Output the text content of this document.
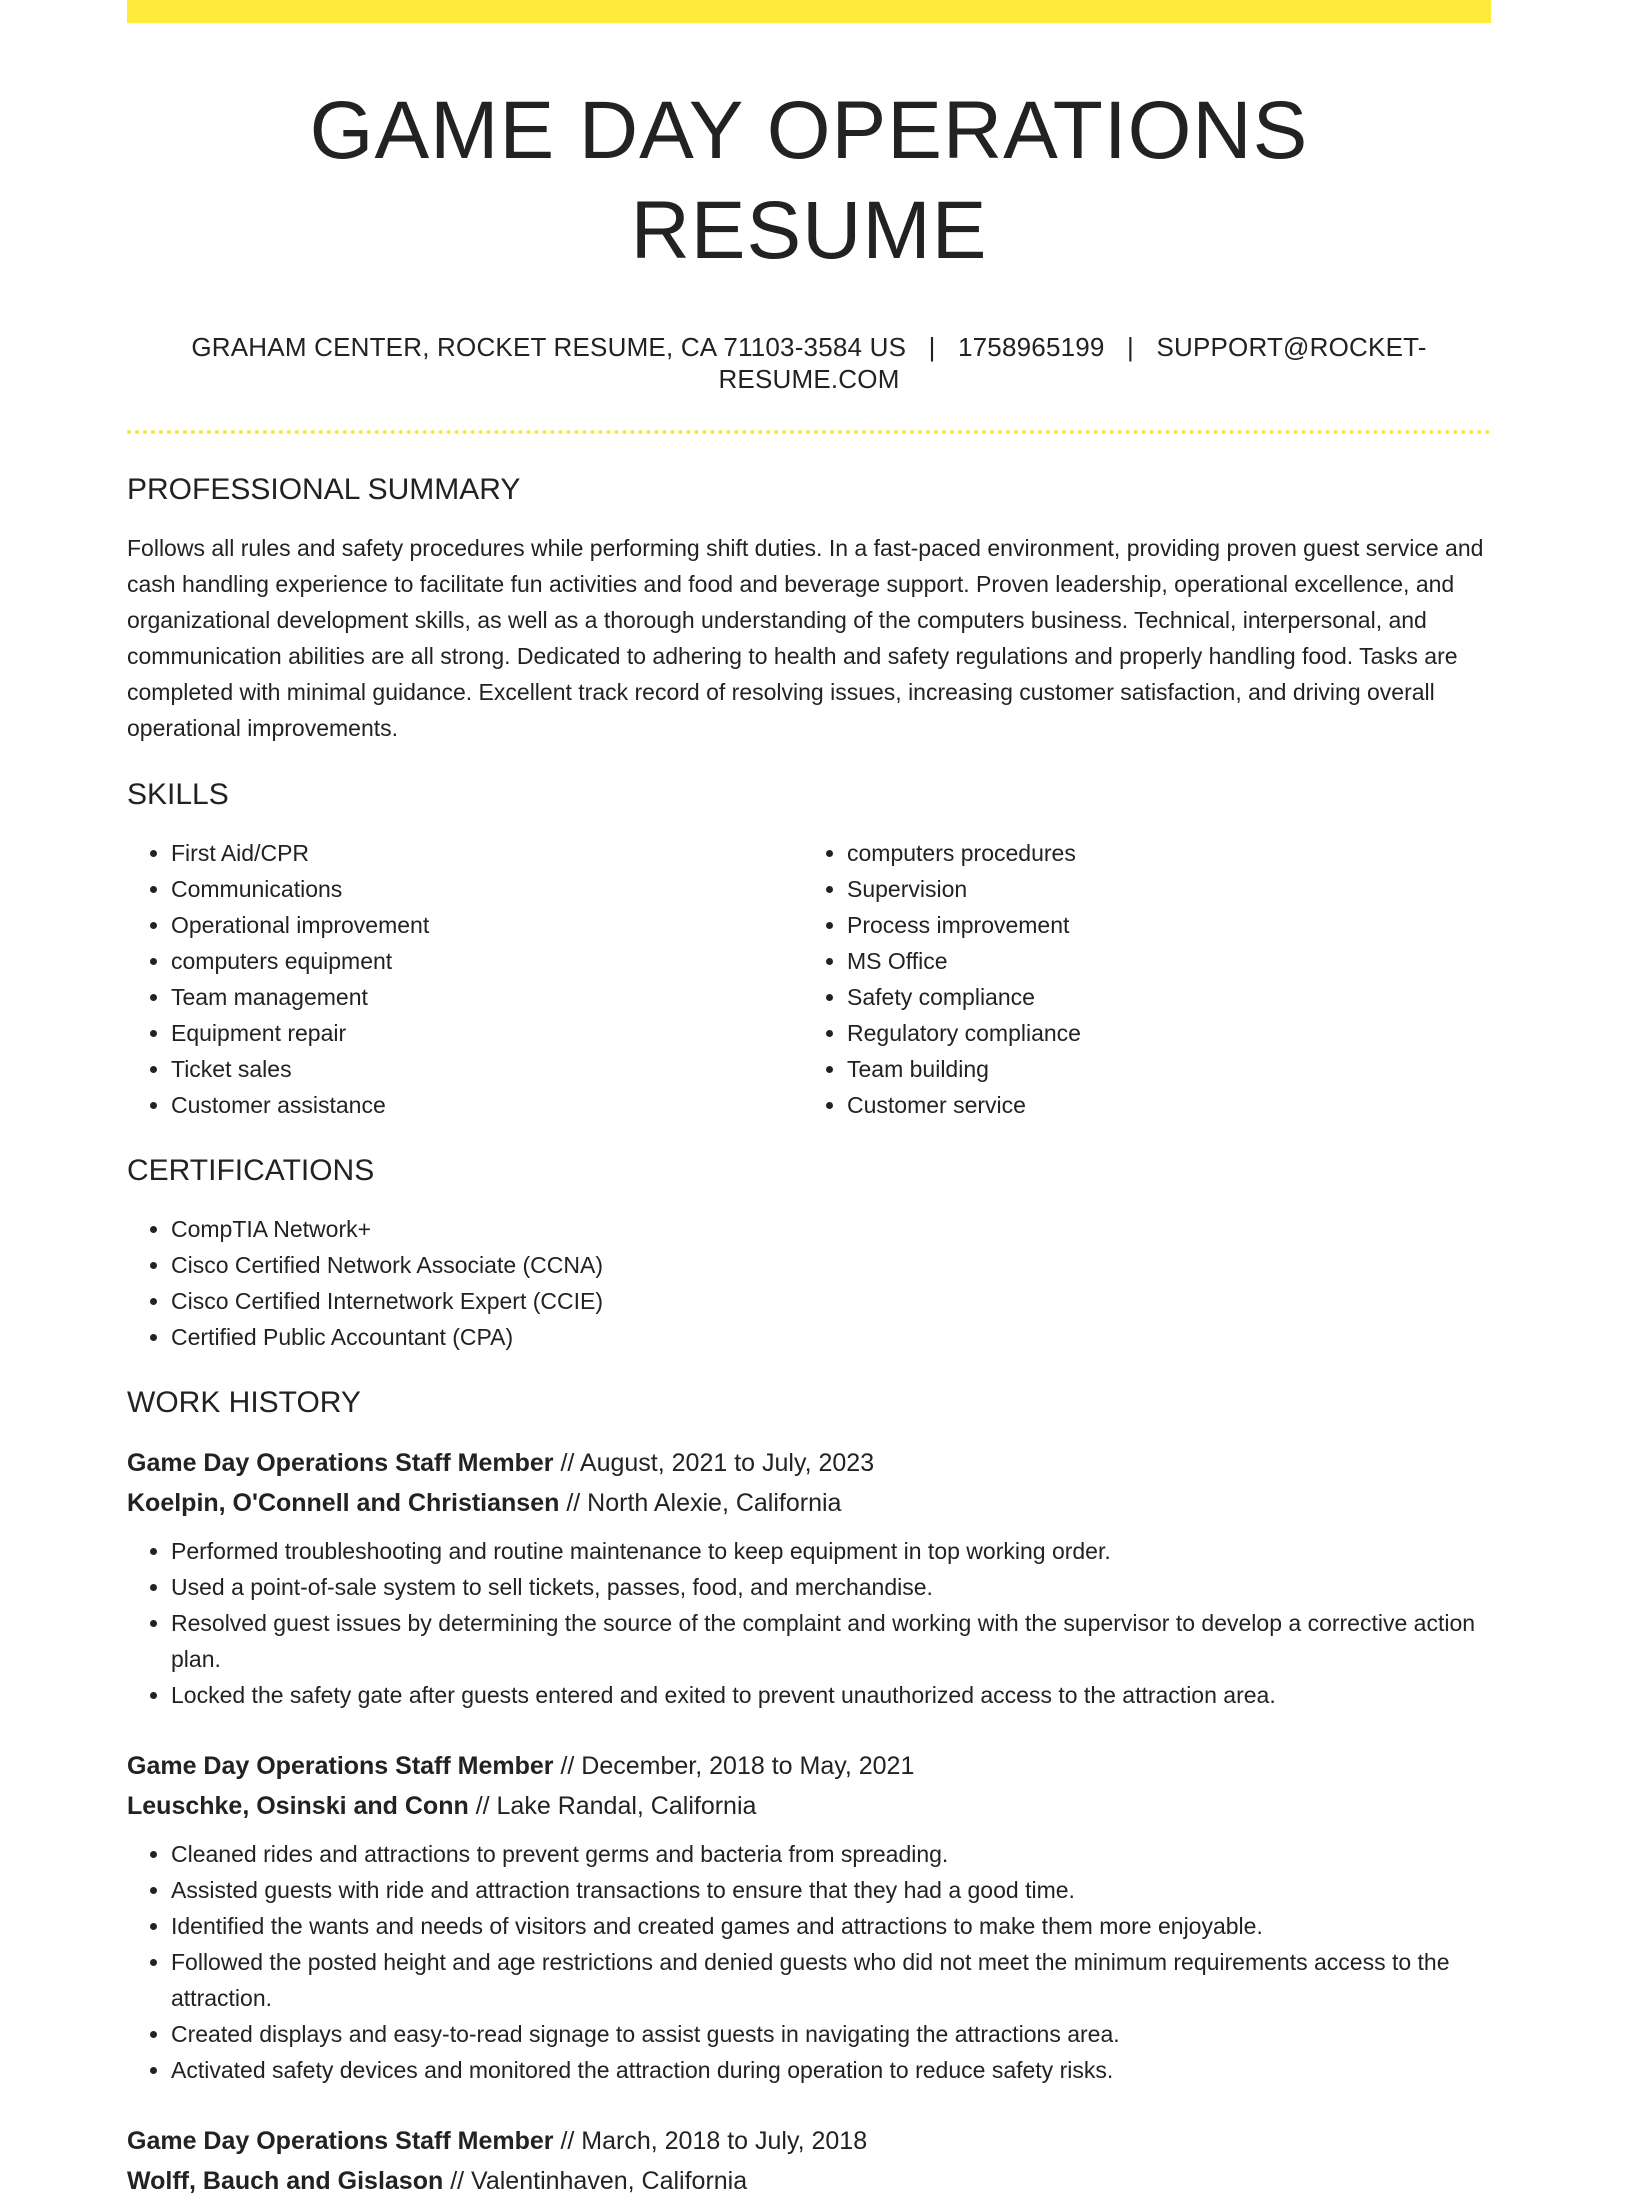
GAME DAY OPERATIONS RESUME
GRAHAM CENTER, ROCKET RESUME, CA 71103-3584 US | 1758965199 | SUPPORT@ROCKET-RESUME.COM
PROFESSIONAL SUMMARY
Follows all rules and safety procedures while performing shift duties. In a fast-paced environment, providing proven guest service and cash handling experience to facilitate fun activities and food and beverage support. Proven leadership, operational excellence, and organizational development skills, as well as a thorough understanding of the computers business. Technical, interpersonal, and communication abilities are all strong. Dedicated to adhering to health and safety regulations and properly handling food. Tasks are completed with minimal guidance. Excellent track record of resolving issues, increasing customer satisfaction, and driving overall operational improvements.
SKILLS
• First Aid/CPR
• Communications
• Operational improvement
• computers equipment
• Team management
• Equipment repair
• Ticket sales
• Customer assistance
• computers procedures
• Supervision
• Process improvement
• MS Office
• Safety compliance
• Regulatory compliance
• Team building
• Customer service
CERTIFICATIONS
• CompTIA Network+
• Cisco Certified Network Associate (CCNA)
• Cisco Certified Internetwork Expert (CCIE)
• Certified Public Accountant (CPA)
WORK HISTORY
Game Day Operations Staff Member // August, 2021 to July, 2023
Koelpin, O'Connell and Christiansen // North Alexie, California
• Performed troubleshooting and routine maintenance to keep equipment in top working order.
• Used a point-of-sale system to sell tickets, passes, food, and merchandise.
• Resolved guest issues by determining the source of the complaint and working with the supervisor to develop a corrective action plan.
• Locked the safety gate after guests entered and exited to prevent unauthorized access to the attraction area.
Game Day Operations Staff Member // December, 2018 to May, 2021
Leuschke, Osinski and Conn // Lake Randal, California
• Cleaned rides and attractions to prevent germs and bacteria from spreading.
• Assisted guests with ride and attraction transactions to ensure that they had a good time.
• Identified the wants and needs of visitors and created games and attractions to make them more enjoyable.
• Followed the posted height and age restrictions and denied guests who did not meet the minimum requirements access to the attraction.
• Created displays and easy-to-read signage to assist guests in navigating the attractions area.
• Activated safety devices and monitored the attraction during operation to reduce safety risks.
Game Day Operations Staff Member // March, 2018 to July, 2018
Wolff, Bauch and Gislason // Valentinhaven, California
